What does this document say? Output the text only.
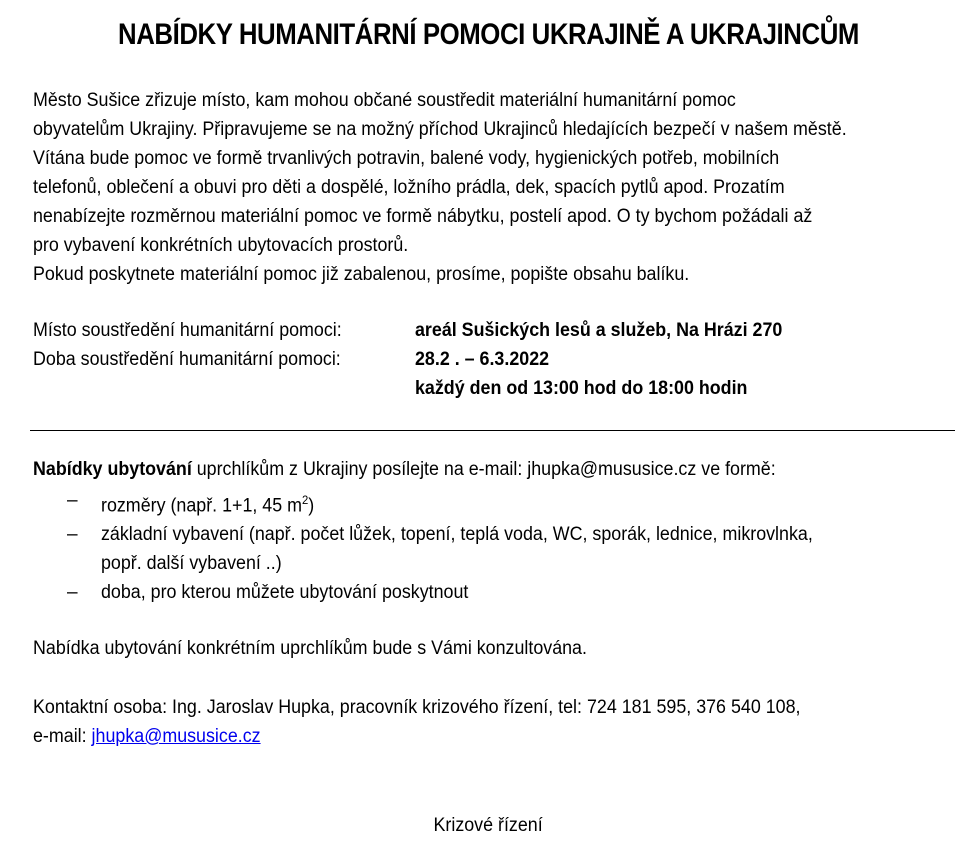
NABÍDKY HUMANITÁRNÍ POMOCI UKRAJINĚ A UKRAJINCŮM

Město Sušice zřizuje místo, kam mohou občané soustředit materiální humanitární pomoc

obyvatelům Ukrajiny. Připravujeme se na možný příchod Ukrajinců hledajících bezpečí v našem městě.

Vítána bude pomoc ve formě trvanlivých potravin, balené vody, hygienických potřeb, mobilních

telefonů, oblečení a obuvi pro děti a dospělé, ložního prádla, dek, spacích pytlů apod. Prozatím

nenabízejte rozměrnou materiální pomoc ve formě nábytku, postelí apod. O ty bychom požádali až

pro vybavení konkrétních ubytovacích prostorů.

Pokud poskytnete materiální pomoc již zabalenou, prosíme, popište obsahu balíku.

Místo soustředění humanitární pomoci:	areál Sušických lesů a služeb, Na Hrázi 270
Doba soustředění humanitární pomoci:	28.2 . – 6.3.2022
každý den od 13:00 hod do 18:00 hodin
Nabídky ubytování uprchlíkům z Ukrajiny posílejte na e-mail: jhupka@mususice.cz ve formě:
–	rozměry (např. 1+1, 45 $m^2$)
–	základní vybavení (např. počet lůžek, topení, teplá voda, WC, sporák, lednice, mikrovlnka,
popř. další vybavení ..)
–	doba, pro kterou můžete ubytování poskytnout
Nabídka ubytování konkrétním uprchlíkům bude s Vámi konzultována.
Kontaktní osoba: Ing. Jaroslav Hupka, pracovník krizového řízení, tel: 724 181 595, 376 540 108,
e-mail: jhupka@mususice.cz
Krizové řízení
